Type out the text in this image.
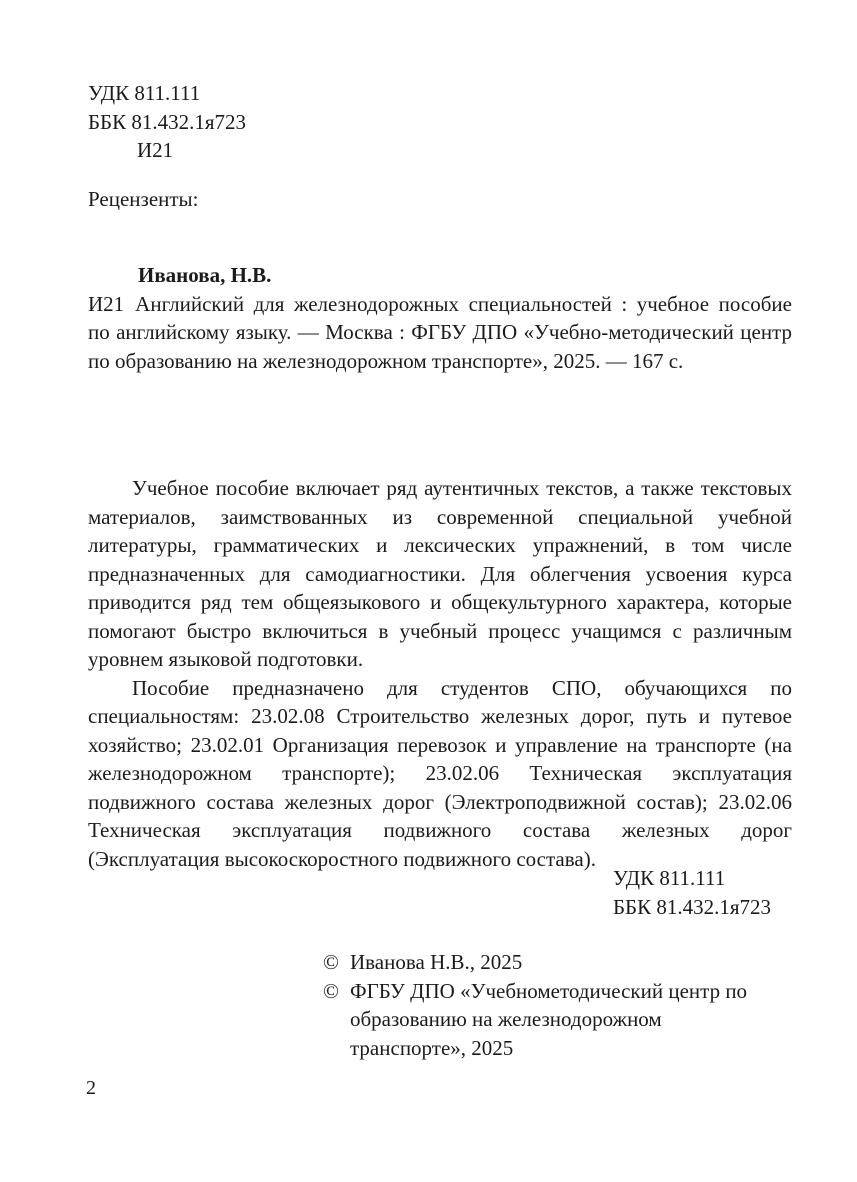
УДК 811.111
ББК 81.432.1я723
И21
Рецензенты:

Иванова, Н.В.

И21 Английский для железнодорожных специальностей : учебное пособие по английскому языку. — Москва : ФГБУ ДПО «Учебно-методический центр по образованию на железнодорожном транспорте», 2025. — 167 с.

Учебное пособие включает ряд аутентичных текстов, а также текстовых материалов, заимствованных из современной специальной учебной литературы, грамматических и лексических упражнений, в том числе предназначенных для самодиагностики. Для облегчения усвоения курса приводится ряд тем общеязыкового и общекультурного характера, которые помогают быстро включиться в учебный процесс учащимся с различным уровнем языковой подготовки.

Пособие предназначено для студентов СПО, обучающихся по специальностям: 23.02.08 Строительство железных дорог, путь и путевое хозяйство; 23.02.01 Организация перевозок и управление на транспорте (на железнодорожном транспорте); 23.02.06 Техническая эксплуатация подвижного состава железных дорог (Электроподвижной состав); 23.02.06 Техническая эксплуатация подвижного состава железных дорог (Эксплуатация высокоскоростного подвижного состава).

УДК 811.111
ББК 81.432.1я723

© Иванова Н.В., 2025

© ФГБУ ДПО «Учебнометодический центр по образованию на железнодорожном транспорте», 2025

2
